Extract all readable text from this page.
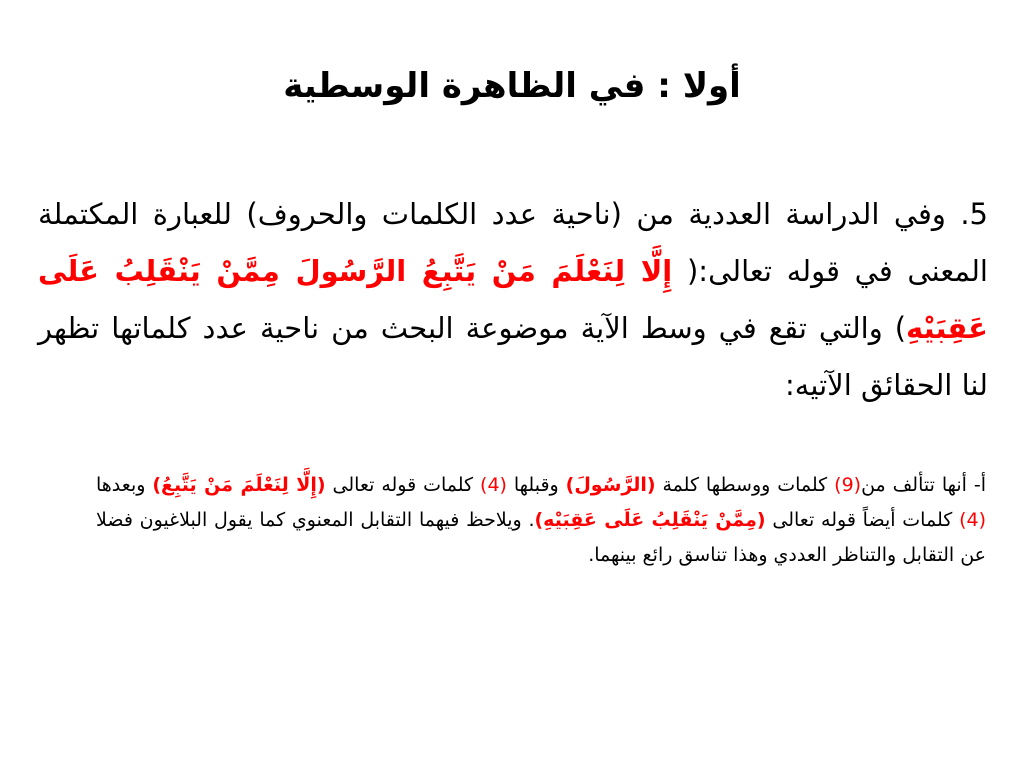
أولا : في الظاهرة الوسطية
5. وفي الدراسة العددية من (ناحية عدد الكلمات والحروف) للعبارة المكتملة المعنى في قوله تعالى:( إِلَّا لِنَعْلَمَ مَنْ يَتَّبِعُ الرَّسُولَ مِمَّنْ يَنْقَلِبُ عَلَى عَقِبَيْهِ) والتي تقع في وسط الآية موضوعة البحث من ناحية عدد كلماتها تظهر لنا الحقائق الآتيه:
أ- أنها تتألف من(9) كلمات ووسطها كلمة (الرَّسُولَ) وقبلها (4) كلمات قوله تعالى (إِلَّا لِنَعْلَمَ مَنْ يَتَّبِعُ) وبعدها (4) كلمات أيضاً قوله تعالى (مِمَّنْ يَنْقَلِبُ عَلَى عَقِبَيْهِ). ويلاحظ فيهما التقابل المعنوي كما يقول البلاغيون فضلا عن التقابل والتناظر العددي وهذا تناسق رائع بينهما.
